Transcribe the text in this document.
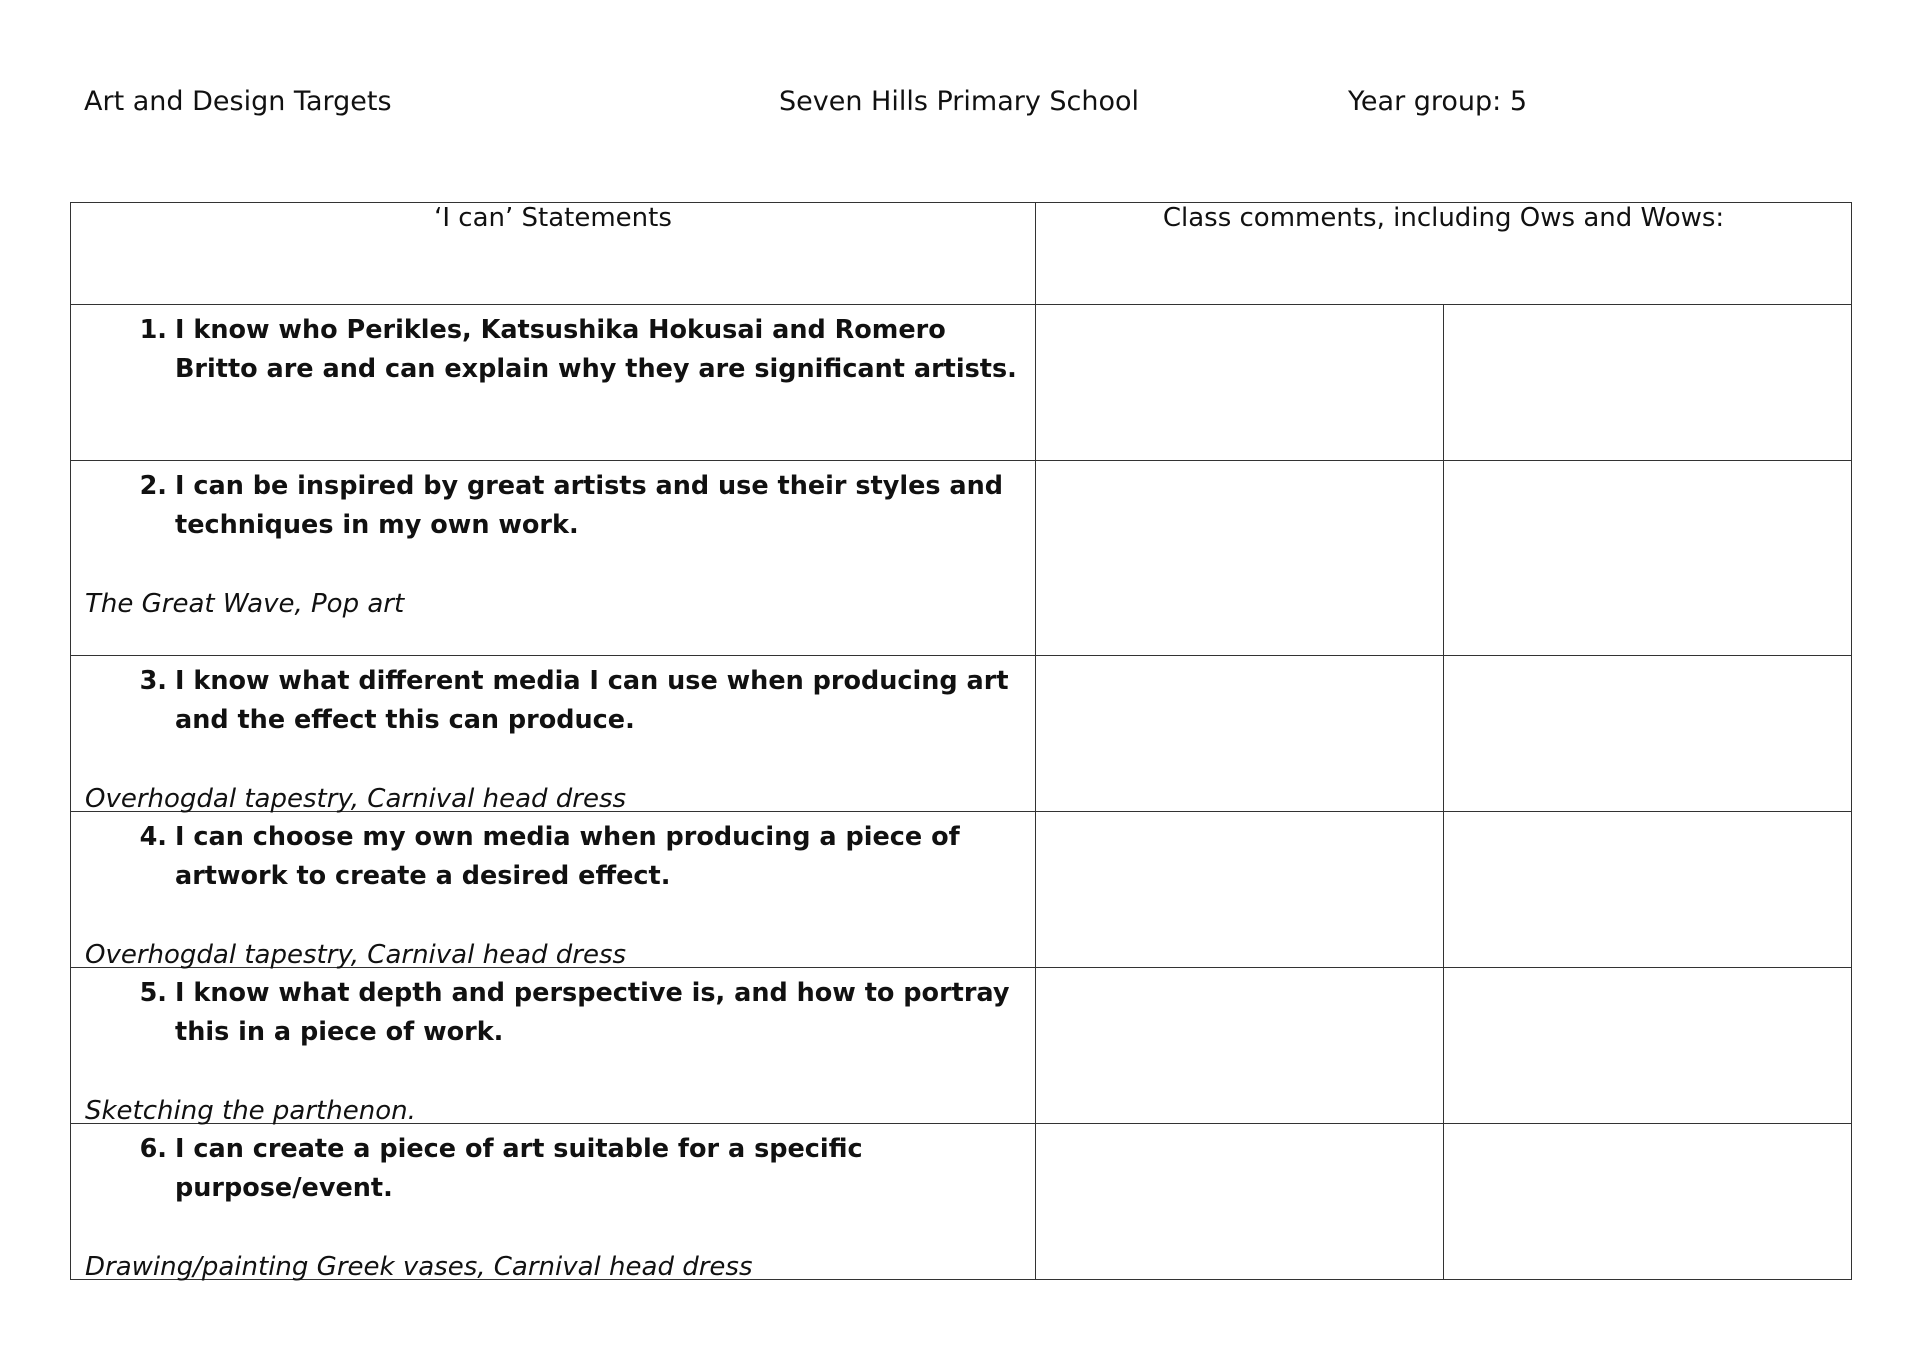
Art and Design Targets	Seven Hills Primary School	Year group: 5
‘I can’ Statements	Class comments, including Ows and Wows:	

1. I know who Perikles, Katsushika Hokusai and Romero Britto are and can explain why they are significant artists.		

2. I can be inspired by great artists and use their styles and techniques in my own work.
The Great Wave, Pop art		

3. I know what different media I can use when producing art and the effect this can produce.
Overhogdal tapestry, Carnival head dress		

4. I can choose my own media when producing a piece of artwork to create a desired effect.
Overhogdal tapestry, Carnival head dress		

5. I know what depth and perspective is, and how to portray this in a piece of work.
Sketching the parthenon.		

6. I can create a piece of art suitable for a specific purpose/event.
Drawing/painting Greek vases, Carnival head dress		
